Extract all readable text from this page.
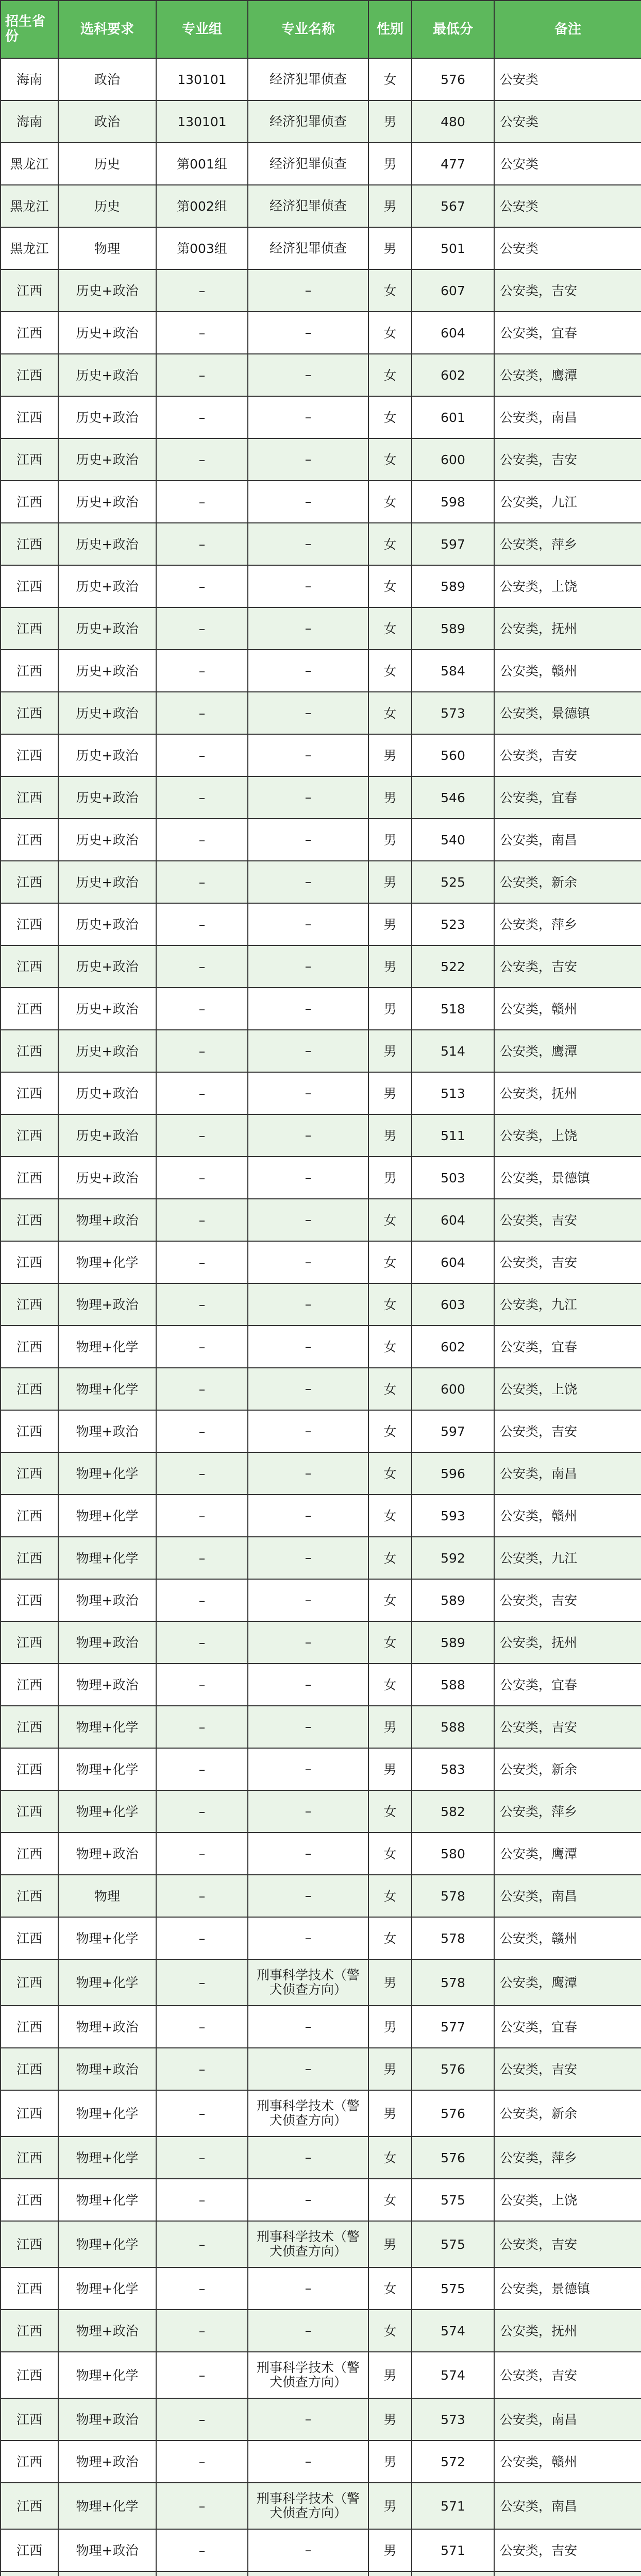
招生省份	选科要求	专业组	专业名称	性别	最低分	备注
海南	政治	130101	经济犯罪侦查	女	576	公安类
海南	政治	130101	经济犯罪侦查	男	480	公安类
黑龙江	历史	第001组	经济犯罪侦查	男	477	公安类
黑龙江	历史	第002组	经济犯罪侦查	男	567	公安类
黑龙江	物理	第003组	经济犯罪侦查	男	501	公安类
江西	历史+政治	–	–	女	607	公安类，吉安
江西	历史+政治	–	–	女	604	公安类，宜春
江西	历史+政治	–	–	女	602	公安类，鹰潭
江西	历史+政治	–	–	女	601	公安类，南昌
江西	历史+政治	–	–	女	600	公安类，吉安
江西	历史+政治	–	–	女	598	公安类，九江
江西	历史+政治	–	–	女	597	公安类，萍乡
江西	历史+政治	–	–	女	589	公安类，上饶
江西	历史+政治	–	–	女	589	公安类，抚州
江西	历史+政治	–	–	女	584	公安类，赣州
江西	历史+政治	–	–	女	573	公安类，景德镇
江西	历史+政治	–	–	男	560	公安类，吉安
江西	历史+政治	–	–	男	546	公安类，宜春
江西	历史+政治	–	–	男	540	公安类，南昌
江西	历史+政治	–	–	男	525	公安类，新余
江西	历史+政治	–	–	男	523	公安类，萍乡
江西	历史+政治	–	–	男	522	公安类，吉安
江西	历史+政治	–	–	男	518	公安类，赣州
江西	历史+政治	–	–	男	514	公安类，鹰潭
江西	历史+政治	–	–	男	513	公安类，抚州
江西	历史+政治	–	–	男	511	公安类，上饶
江西	历史+政治	–	–	男	503	公安类，景德镇
江西	物理+政治	–	–	女	604	公安类，吉安
江西	物理+化学	–	–	女	604	公安类，吉安
江西	物理+政治	–	–	女	603	公安类，九江
江西	物理+化学	–	–	女	602	公安类，宜春
江西	物理+化学	–	–	女	600	公安类，上饶
江西	物理+政治	–	–	女	597	公安类，吉安
江西	物理+化学	–	–	女	596	公安类，南昌
江西	物理+化学	–	–	女	593	公安类，赣州
江西	物理+化学	–	–	女	592	公安类，九江
江西	物理+政治	–	–	女	589	公安类，吉安
江西	物理+政治	–	–	女	589	公安类，抚州
江西	物理+政治	–	–	女	588	公安类，宜春
江西	物理+化学	–	–	男	588	公安类，吉安
江西	物理+化学	–	–	男	583	公安类，新余
江西	物理+化学	–	–	女	582	公安类，萍乡
江西	物理+政治	–	–	女	580	公安类，鹰潭
江西	物理	–	–	女	578	公安类，南昌
江西	物理+化学	–	–	女	578	公安类，赣州
江西	物理+化学	–	刑事科学技术（警犬侦查方向）	男	578	公安类，鹰潭
江西	物理+政治	–	–	男	577	公安类，宜春
江西	物理+政治	–	–	男	576	公安类，吉安
江西	物理+化学	–	刑事科学技术（警犬侦查方向）	男	576	公安类，新余
江西	物理+化学	–	–	女	576	公安类，萍乡
江西	物理+化学	–	–	女	575	公安类，上饶
江西	物理+化学	–	刑事科学技术（警犬侦查方向）	男	575	公安类，吉安
江西	物理+化学	–	–	女	575	公安类，景德镇
江西	物理+政治	–	–	女	574	公安类，抚州
江西	物理+化学	–	刑事科学技术（警犬侦查方向）	男	574	公安类，吉安
江西	物理+政治	–	–	男	573	公安类，南昌
江西	物理+政治	–	–	男	572	公安类，赣州
江西	物理+化学	–	刑事科学技术（警犬侦查方向）	男	571	公安类，南昌
江西	物理+政治	–	–	男	571	公安类，吉安
